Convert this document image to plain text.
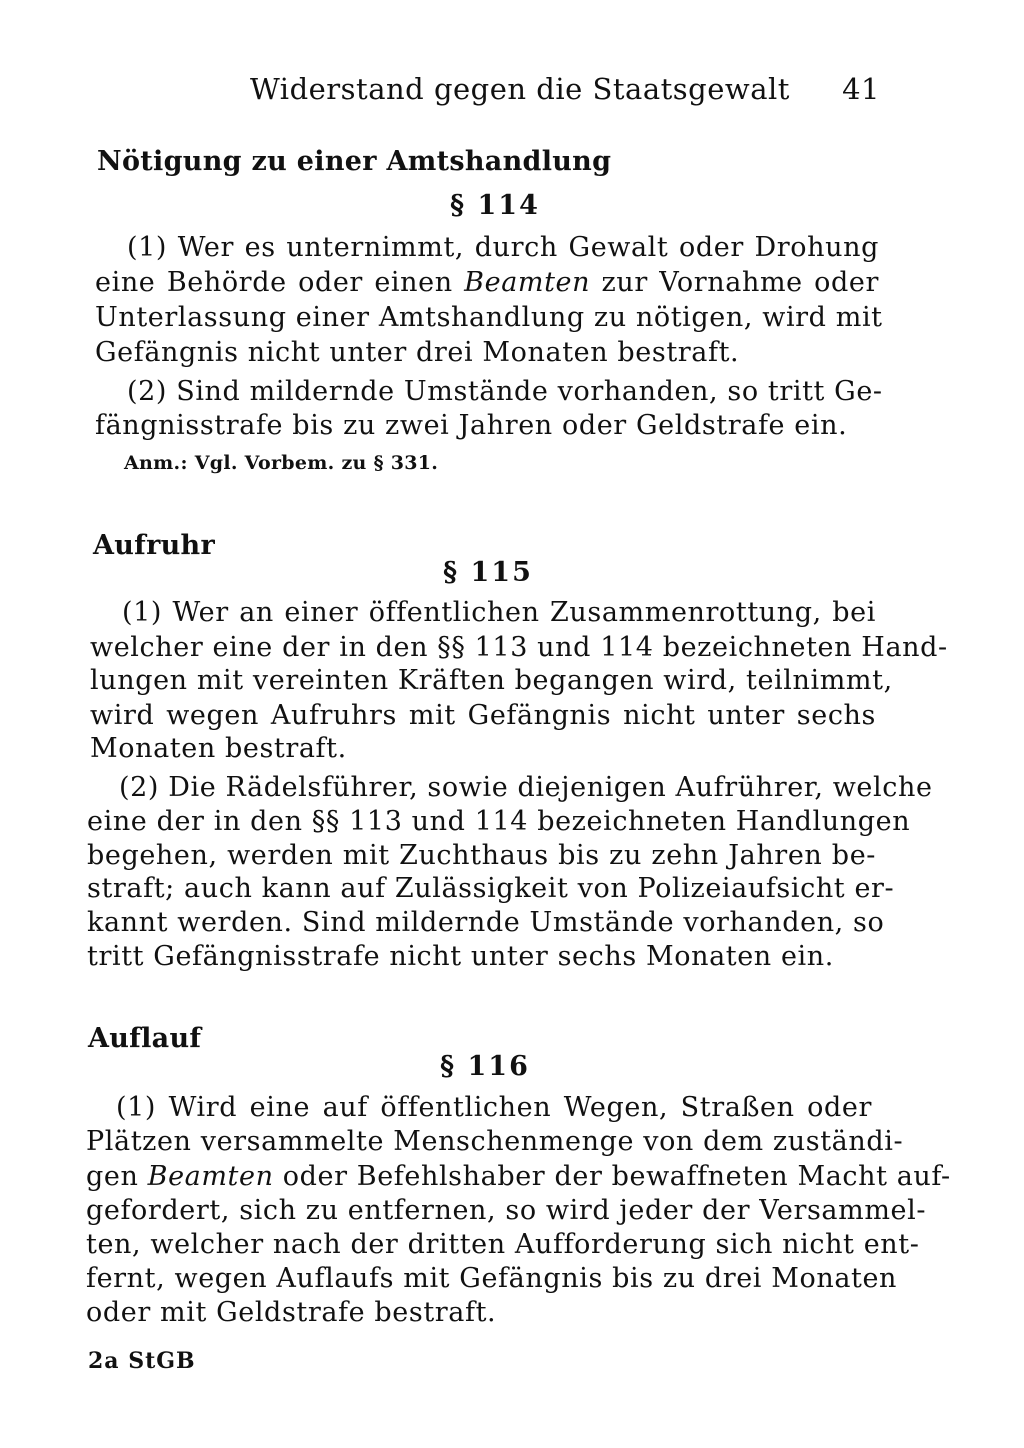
Widerstand gegen die Staatsgewalt 41
Nötigung zu einer Amtshandlung
§ 114
(1) Wer es unternimmt, durch Gewalt oder Drohung
eine Behörde oder einen Beamten zur Vornahme oder
Unterlassung einer Amtshandlung zu nötigen, wird mit
Gefängnis nicht unter drei Monaten bestraft.
(2) Sind mildernde Umstände vorhanden, so tritt Ge-
fängnisstrafe bis zu zwei Jahren oder Geldstrafe ein.
Anm.: Vgl. Vorbem. zu § 331.
Aufruhr
§ 115
(1) Wer an einer öffentlichen Zusammenrottung, bei
welcher eine der in den §§ 113 und 114 bezeichneten Hand-
lungen mit vereinten Kräften begangen wird, teilnimmt,
wird wegen Aufruhrs mit Gefängnis nicht unter sechs
Monaten bestraft.
(2) Die Rädelsführer, sowie diejenigen Aufrührer, welche
eine der in den §§ 113 und 114 bezeichneten Handlungen
begehen, werden mit Zuchthaus bis zu zehn Jahren be-
straft; auch kann auf Zulässigkeit von Polizeiaufsicht er-
kannt werden. Sind mildernde Umstände vorhanden, so
tritt Gefängnisstrafe nicht unter sechs Monaten ein.
Auflauf
§ 116
(1) Wird eine auf öffentlichen Wegen, Straßen oder
Plätzen versammelte Menschenmenge von dem zuständi-
gen Beamten oder Befehlshaber der bewaffneten Macht auf-
gefordert, sich zu entfernen, so wird jeder der Versammel-
ten, welcher nach der dritten Aufforderung sich nicht ent-
fernt, wegen Auflaufs mit Gefängnis bis zu drei Monaten
oder mit Geldstrafe bestraft.
2a StGB
